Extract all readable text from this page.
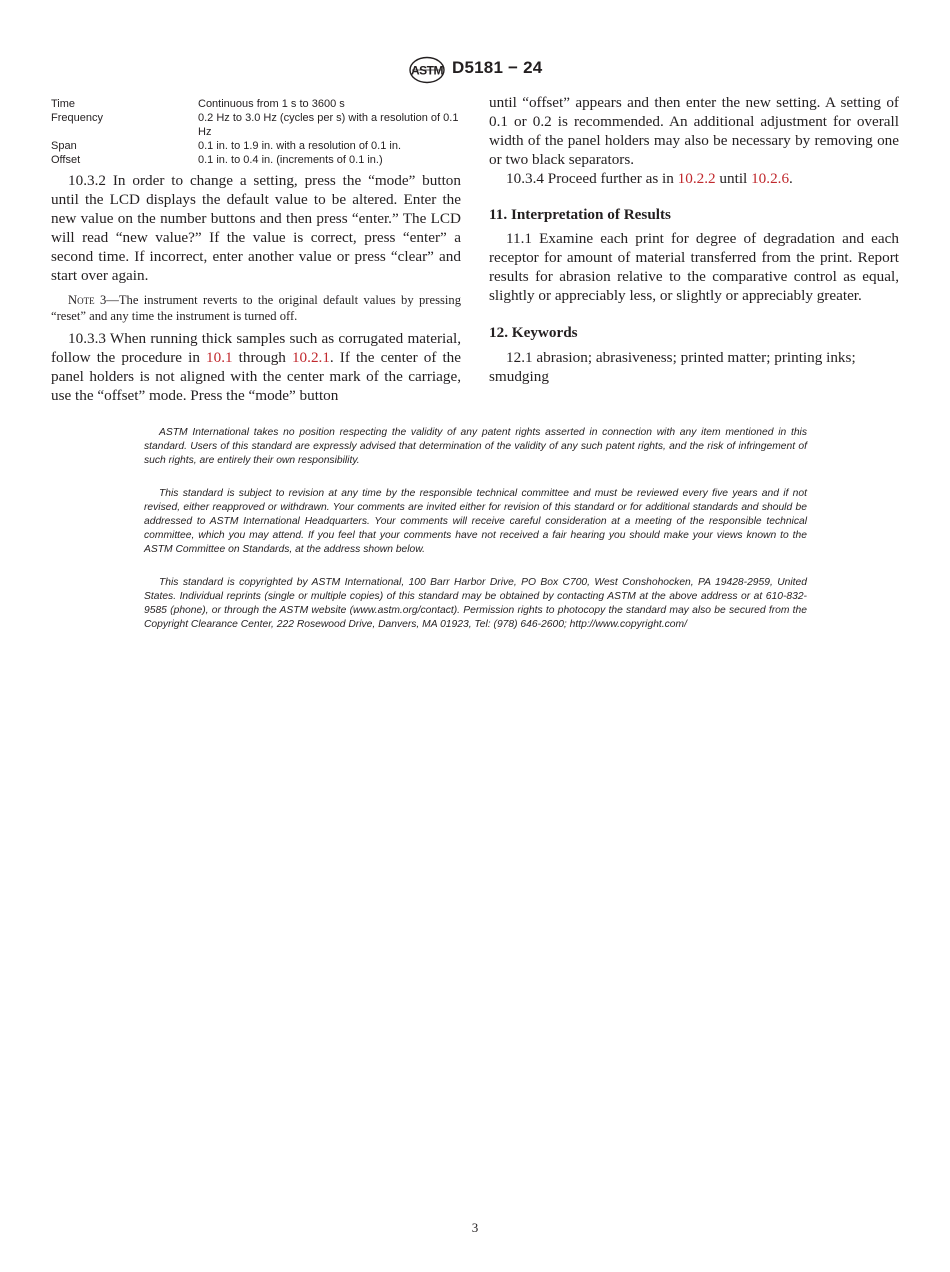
ASTM D5181 − 24
Time	Continuous from 1 s to 3600 s
Frequency	0.2 Hz to 3.0 Hz (cycles per s) with a resolution of 0.1 Hz
Span	0.1 in. to 1.9 in. with a resolution of 0.1 in.
Offset	0.1 in. to 0.4 in. (increments of 0.1 in.)

10.3.2 In order to change a setting, press the “mode” button until the LCD displays the default value to be altered. Enter the new value on the number buttons and then press “enter.” The LCD will read “new value?” If the value is correct, press “enter” a second time. If incorrect, enter another value or press “clear” and start over again.

Note 3—The instrument reverts to the original default values by pressing “reset” and any time the instrument is turned off.

10.3.3 When running thick samples such as corrugated material, follow the procedure in 10.1 through 10.2.1. If the center of the panel holders is not aligned with the center mark of the carriage, use the “offset” mode. Press the “mode” button

until “offset” appears and then enter the new setting. A setting of 0.1 or 0.2 is recommended. An additional adjustment for overall width of the panel holders may also be necessary by removing one or two black separators.

10.3.4 Proceed further as in 10.2.2 until 10.2.6.

11. Interpretation of Results

11.1 Examine each print for degree of degradation and each receptor for amount of material transferred from the print. Report results for abrasion relative to the comparative control as equal, slightly or appreciably less, or slightly or appreciably greater.

12. Keywords

12.1 abrasion; abrasiveness; printed matter; printing inks; smudging

ASTM International takes no position respecting the validity of any patent rights asserted in connection with any item mentioned in this standard. Users of this standard are expressly advised that determination of the validity of any such patent rights, and the risk of infringement of such rights, are entirely their own responsibility.

This standard is subject to revision at any time by the responsible technical committee and must be reviewed every five years and if not revised, either reapproved or withdrawn. Your comments are invited either for revision of this standard or for additional standards and should be addressed to ASTM International Headquarters. Your comments will receive careful consideration at a meeting of the responsible technical committee, which you may attend. If you feel that your comments have not received a fair hearing you should make your views known to the ASTM Committee on Standards, at the address shown below.

This standard is copyrighted by ASTM International, 100 Barr Harbor Drive, PO Box C700, West Conshohocken, PA 19428-2959, United States. Individual reprints (single or multiple copies) of this standard may be obtained by contacting ASTM at the above address or at 610-832-9585 (phone), or through the ASTM website (www.astm.org/contact). Permission rights to photocopy the standard may also be secured from the Copyright Clearance Center, 222 Rosewood Drive, Danvers, MA 01923, Tel: (978) 646-2600; http://www.copyright.com/

3
